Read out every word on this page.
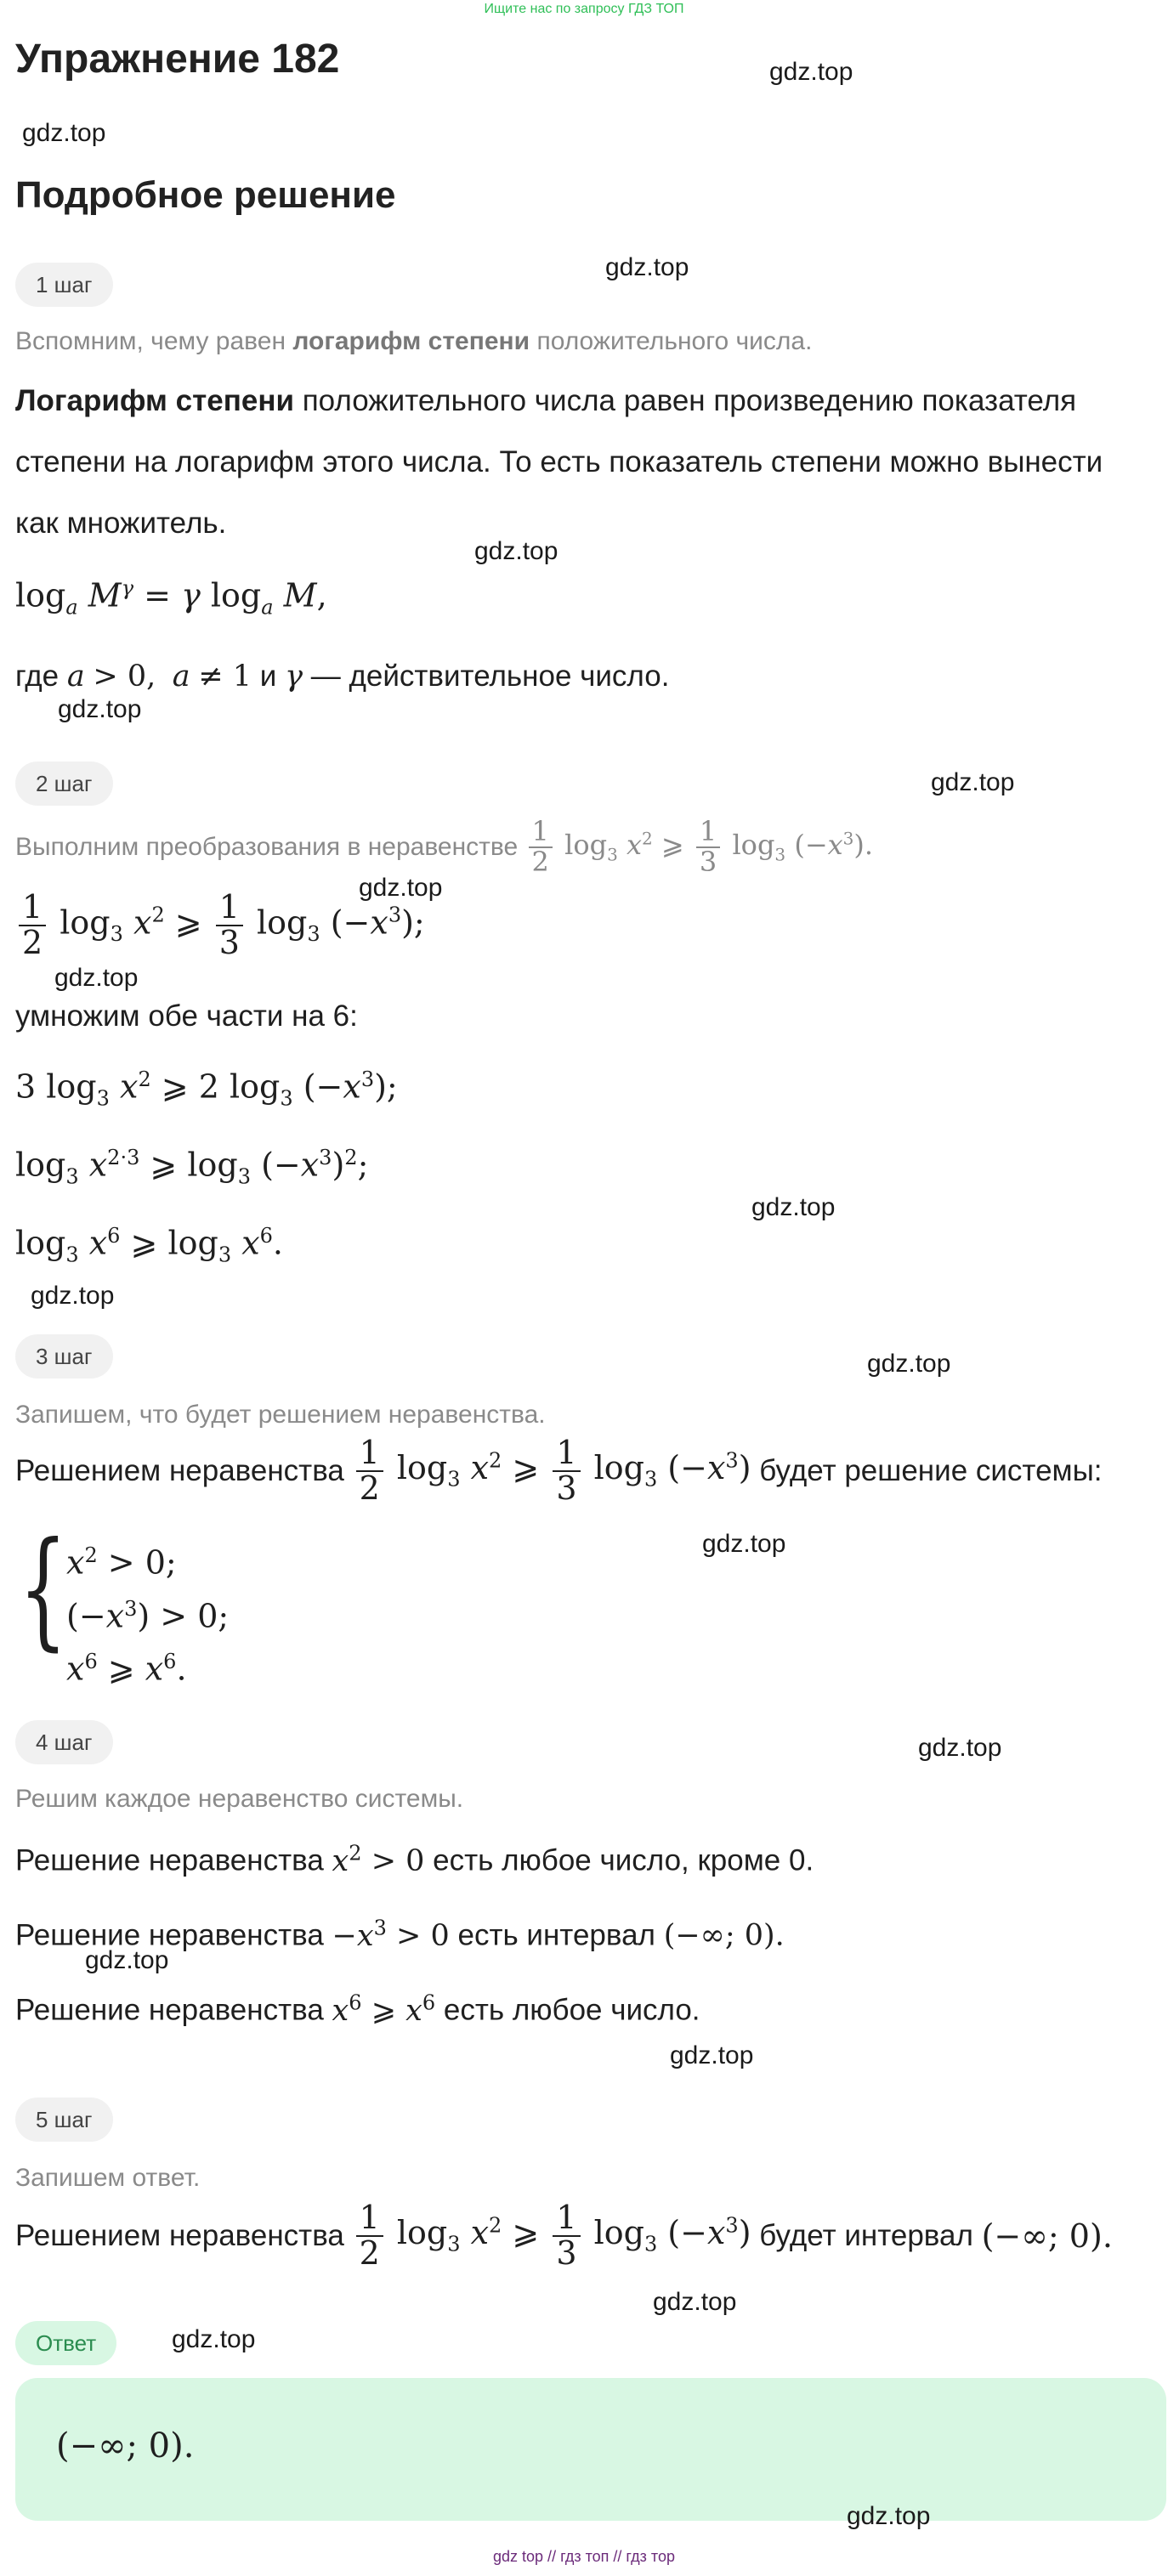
Ищите нас по запросу ГДЗ ТОП
Упражнение 182	gdz.top
gdz.top
Подробное решение
1 шаг
gdz.top
Вспомним, чему равен логарифм степени положительного числа.
Логарифм степени положительного числа равен произведению показателя
степени на логарифм этого числа. То есть показатель степени можно вынести
как множитель.
gdz.top
$\log_a M^\gamma = \gamma$ $\log_a M$,
где a > 0, a ≠ 1 и γ — действительное число.
gdz.top
2 шаг	gdz.top
Выполним преобразования в неравенстве $\frac{1}{2} \log_3 x^2$ ⩾ $\frac{1}{3} \log_3 (-x^3)$.
gdz.top
$\frac{1}{2} \log_3 x^2$ ⩾ $\frac{1}{3} \log_3 (-x^3)$;
gdz.top
умножим обе части на 6:
3 $\log_3 x^2$ ⩾ 2 $\log_3 (-x^3)$;
$\log_3 x^{2\cdot 3}$ ⩾ $\log_3 (-x^3)^2$;
gdz.top
$\log_3 x^6$ ⩾ $\log_3 x^6$.
gdz.top
3 шаг	gdz.top
Запишем, что будет решением неравенства.
Решением неравенства $\frac{1}{2} \log_3 x^2$ ⩾ $\frac{1}{3} \log_3 (-x^3)$ будет решение системы:
gdz.top
{
$x^2 > 0$;
$(-x^3) > 0$;
$x^6$ ⩾ $x^6$.
4 шаг	gdz.top
Решим каждое неравенство системы.
Решение неравенства $x^2 > 0$ есть любое число, кроме 0.
Решение неравенства $-x^3 > 0$ есть интервал (−∞; 0).
gdz.top
Решение неравенства $x^6$ ⩾ $x^6$ есть любое число.
gdz.top
5 шаг
Запишем ответ.
Решением неравенства $\frac{1}{2} \log_3 x^2$ ⩾ $\frac{1}{3} \log_3 (-x^3)$ будет интервал (−∞; 0).
gdz.top
Ответ	gdz.top
(−∞; 0).
gdz.top
gdz top // гдз топ // гдз тор
